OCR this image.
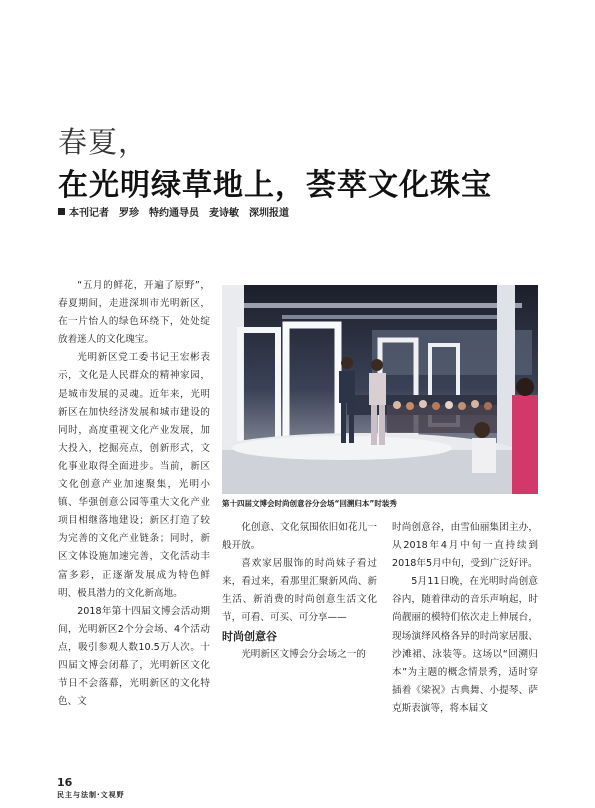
春夏，
在光明绿草地上，荟萃文化珠宝
本刊记者　罗珍　特约通导员　麦诗敏　深圳报道

“五月的鲜花，开遍了原野”，春夏期间，走进深圳市光明新区，在一片怡人的绿色环绕下，处处绽放着迷人的文化瑰宝。

光明新区党工委书记王宏彬表示，文化是人民群众的精神家园，是城市发展的灵魂。近年来，光明新区在加快经济发展和城市建设的同时，高度重视文化产业发展，加大投入，挖掘亮点，创新形式，文化事业取得全面进步。当前，新区文化创意产业加速聚集，光明小镇、华强创意公园等重大文化产业项目相继落地建设；新区打造了较为完善的文化产业链条；同时，新区文体设施加速完善，文化活动丰富多彩，正逐渐发展成为特色鲜明、极具潜力的文化新高地。

2018年第十四届文博会活动期间，光明新区2个分会场、4个活动点，吸引参观人数10.5万人次。十四届文博会闭幕了，光明新区文化节日不会落幕，光明新区的文化特色、文

第十四届文博会时尚创意谷分会场“回溯归本”时装秀

化创意、文化氛围依旧如花儿一般开放。

喜欢家居服饰的时尚妹子看过来，看过来，看那里汇聚新风尚、新生活、新消费的时尚创意生活文化节，可看、可买、可分享——

时尚创意谷

光明新区文博会分会场之一的

时尚创意谷，由雪仙丽集团主办，从2018年4月中旬一直持续到2018年5月中旬，受到广泛好评。

5月11日晚，在光明时尚创意谷内，随着律动的音乐声响起，时尚靓丽的模特们依次走上伸展台，现场演绎风格各异的时尚家居服、沙滩裙、泳装等。这场以“回溯归本”为主题的概念情景秀，适时穿插着《梁祝》古典舞、小提琴、萨克斯表演等，将本届文

16
民主与法制·文视野
